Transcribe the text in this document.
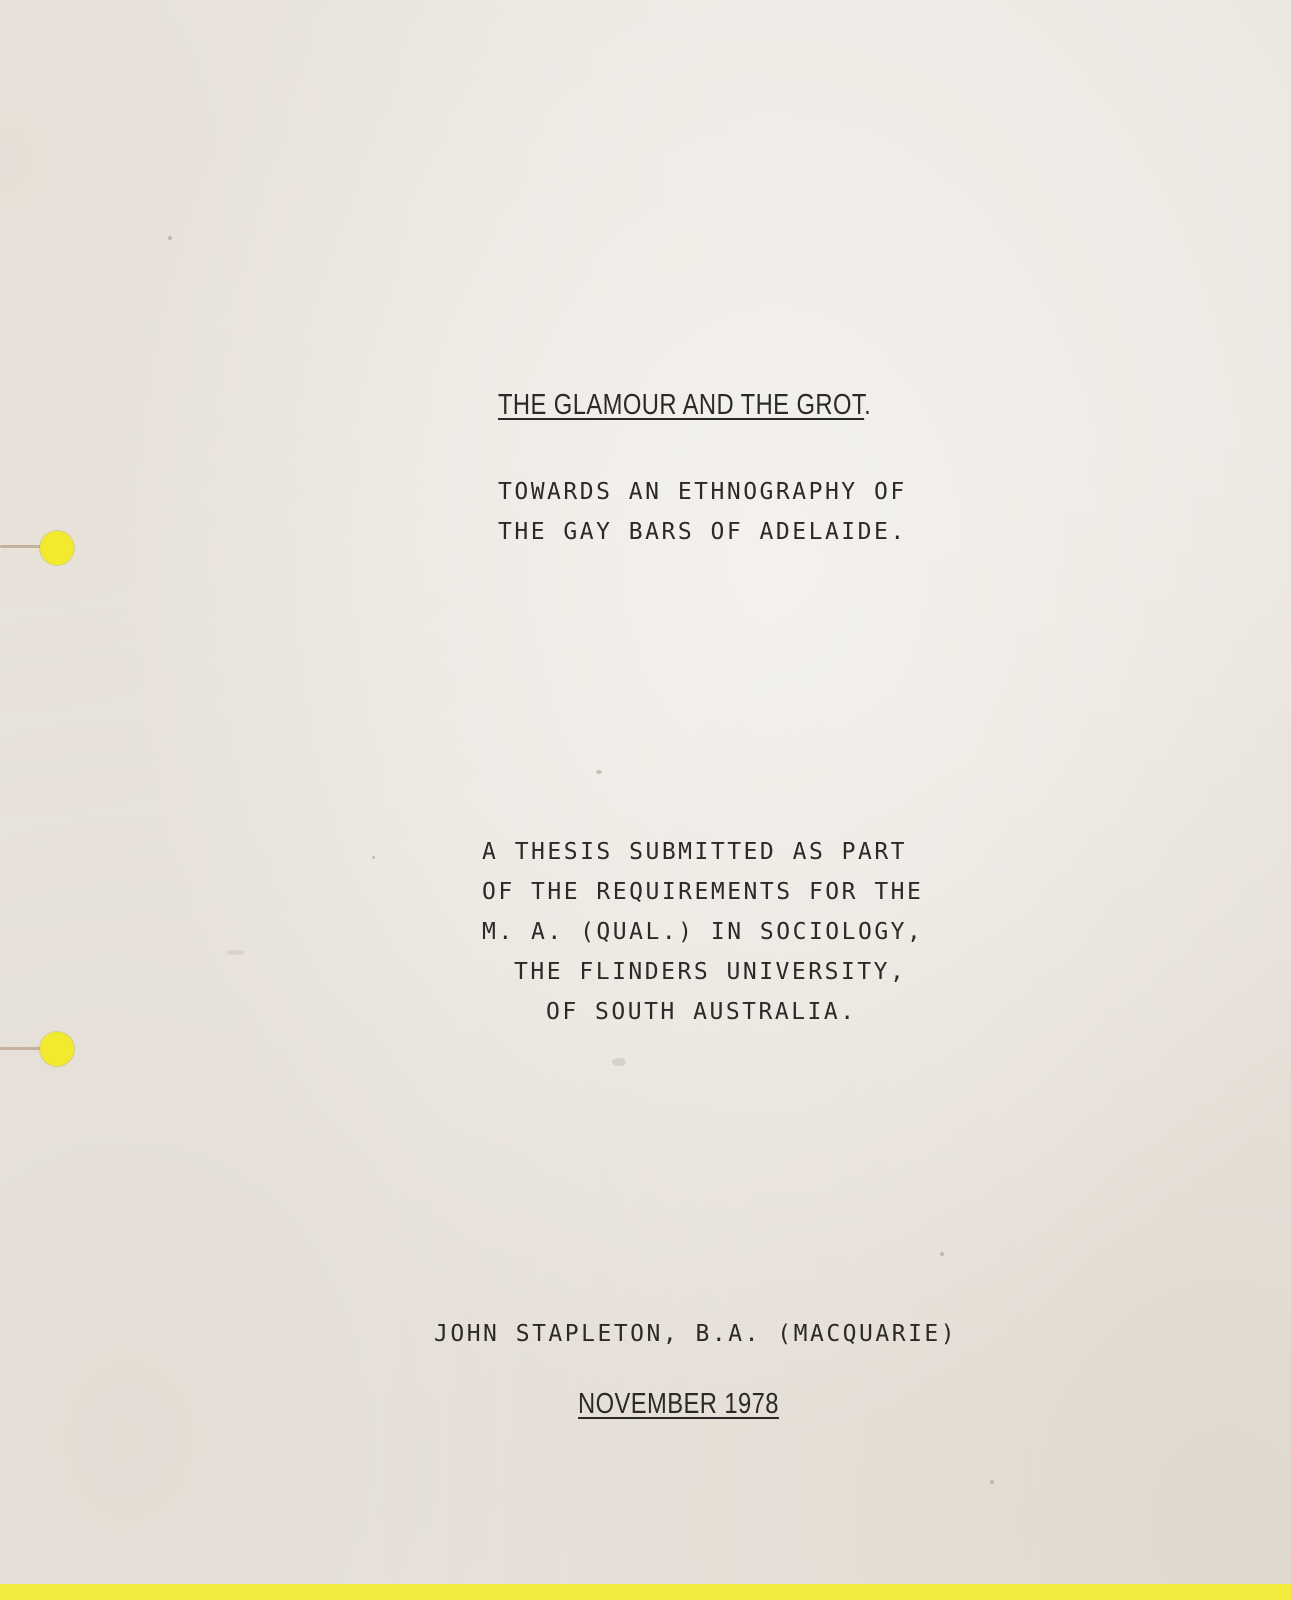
THE GLAMOUR AND THE GROT.
TOWARDS AN ETHNOGRAPHY OF
THE GAY BARS OF ADELAIDE.
A THESIS SUBMITTED AS PART
OF THE REQUIREMENTS FOR THE
M. A. (QUAL.) IN SOCIOLOGY,
THE FLINDERS UNIVERSITY,
OF SOUTH AUSTRALIA.
JOHN STAPLETON, B.A. (MACQUARIE)
NOVEMBER 1978
